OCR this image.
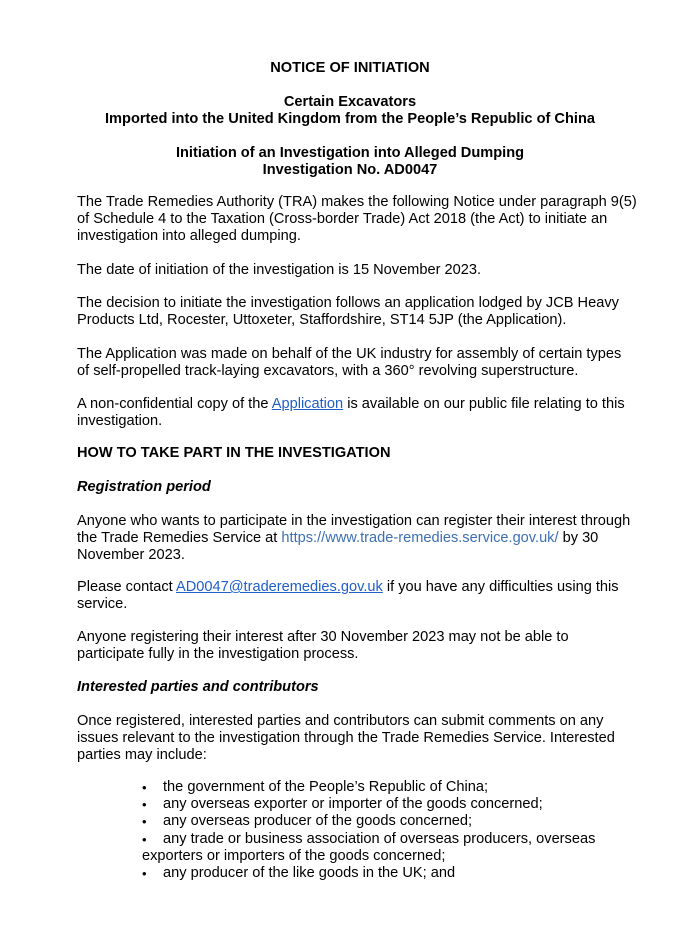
NOTICE OF INITIATION
Certain Excavators
Imported into the United Kingdom from the People’s Republic of China
Initiation of an Investigation into Alleged Dumping
Investigation No. AD0047

The Trade Remedies Authority (TRA) makes the following Notice under paragraph 9(5) of Schedule 4 to the Taxation (Cross-border Trade) Act 2018 (the Act) to initiate an investigation into alleged dumping.

The date of initiation of the investigation is 15 November 2023.

The decision to initiate the investigation follows an application lodged by JCB Heavy Products Ltd, Rocester, Uttoxeter, Staffordshire, ST14 5JP (the Application).

The Application was made on behalf of the UK industry for assembly of certain types of self-propelled track-laying excavators, with a 360° revolving superstructure.

A non-confidential copy of the Application is available on our public file relating to this investigation.

HOW TO TAKE PART IN THE INVESTIGATION
Registration period

Anyone who wants to participate in the investigation can register their interest through the Trade Remedies Service at https://www.trade-remedies.service.gov.uk/ by 30 November 2023.

Please contact AD0047@traderemedies.gov.uk if you have any difficulties using this service.

Anyone registering their interest after 30 November 2023 may not be able to participate fully in the investigation process.

Interested parties and contributors

Once registered, interested parties and contributors can submit comments on any issues relevant to the investigation through the Trade Remedies Service. Interested parties may include:

• the government of the People’s Republic of China;
• any overseas exporter or importer of the goods concerned;
• any overseas producer of the goods concerned;
• any trade or business association of overseas producers, overseas exporters or importers of the goods concerned;
• any producer of the like goods in the UK; and
